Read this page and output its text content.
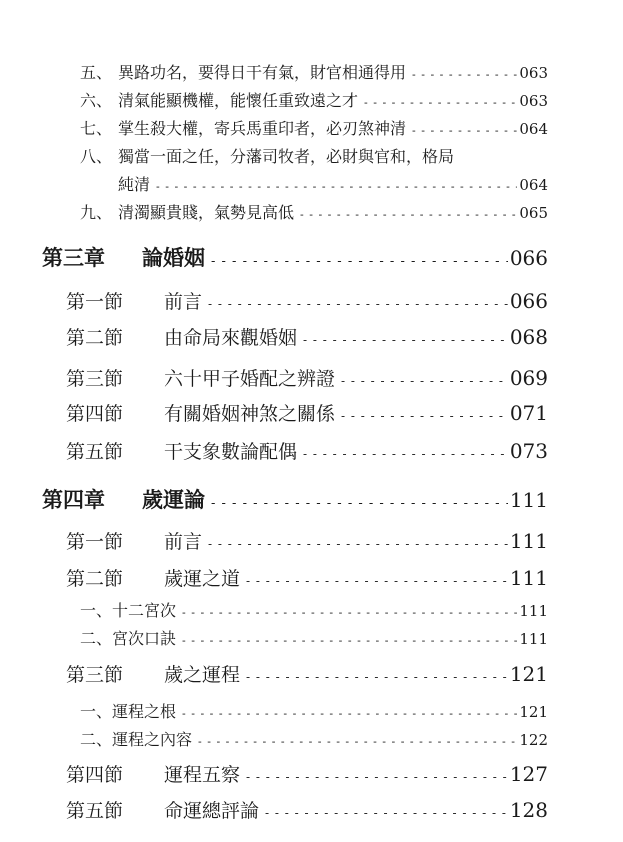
五、 異路功名，要得日干有氣，財官相通得用 - - -	063
六、 清氣能顯機權，能懷任重致遠之才 - - -	063
七、 掌生殺大權，寄兵馬重印者，必刃煞神清 - - -	064
八、 獨當一面之任，分藩司牧者，必財與官和，格局
純清 - - -	064
九、 清濁顯貴賤，氣勢見高低 - - -	065
第三章	論婚姻 - - -	066
第一節	前言 - - -	066
第二節	由命局來觀婚姻 - - -	068
第三節	六十甲子婚配之辨證 - - -	069
第四節	有關婚姻神煞之關係 - - -	071
第五節	干支象數論配偶 - - -	073
第四章	歲運論 - - -	111
第一節	前言 - - -	111
第二節	歲運之道 - - -	111
一、十二宮次 - - -	111
二、宮次口訣 - - -	111
第三節	歲之運程 - - -	121
一、運程之根 - - -	121
二、運程之內容 - - -	122
第四節	運程五察 - - -	127
第五節	命運總評論 - - -	128
